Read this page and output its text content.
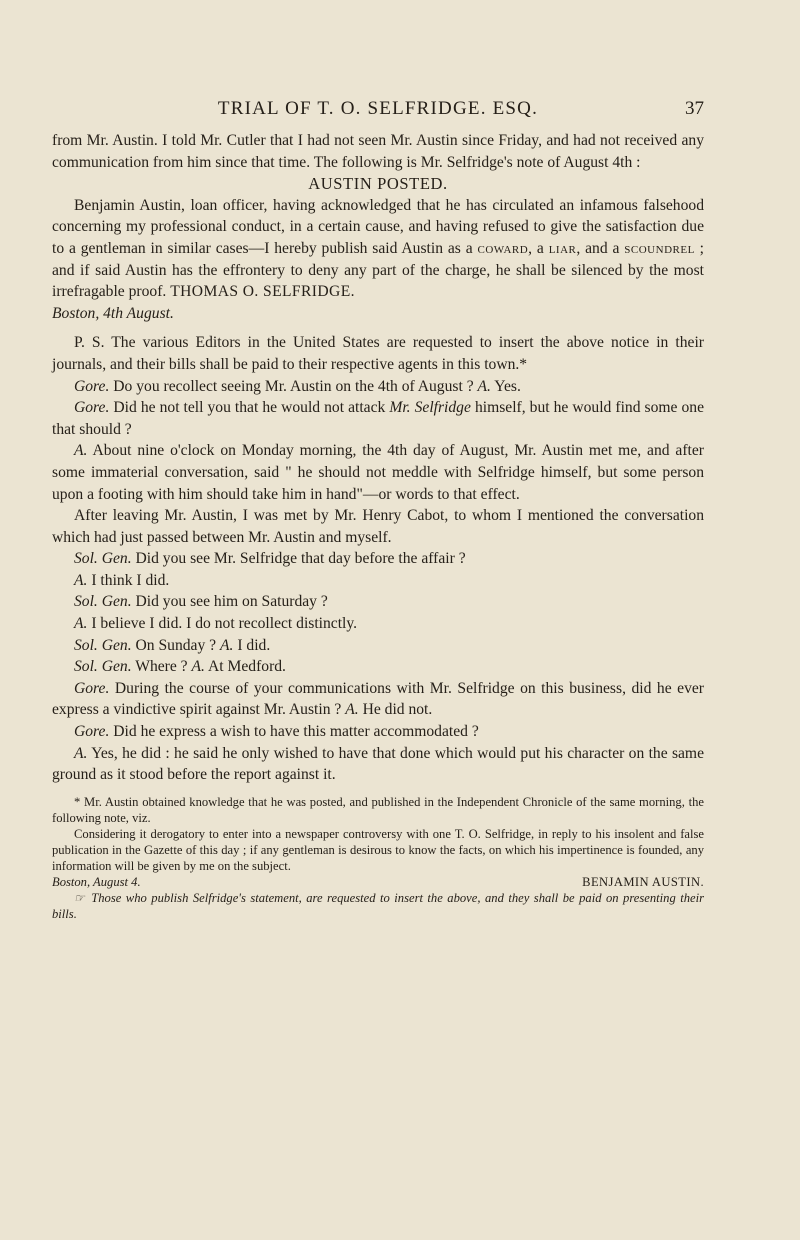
TRIAL OF T. O. SELFRIDGE. ESQ.	37

from Mr. Austin. I told Mr. Cutler that I had not seen Mr. Austin since Friday, and had not received any communication from him since that time. The following is Mr. Selfridge's note of August 4th :

AUSTIN POSTED.

Benjamin Austin, loan officer, having acknowledged that he has circulated an infamous falsehood concerning my professional conduct, in a certain cause, and having refused to give the satisfaction due to a gentleman in similar cases—I hereby publish said Austin as a coward, a liar, and a scoundrel ; and if said Austin has the effrontery to deny any part of the charge, he shall be silenced by the most irrefragable proof. THOMAS O. SELFRIDGE.

Boston, 4th August.

P. S. The various Editors in the United States are requested to insert the above notice in their journals, and their bills shall be paid to their respective agents in this town.*

Gore. Do you recollect seeing Mr. Austin on the 4th of August ? A. Yes.

Gore. Did he not tell you that he would not attack Mr. Selfridge himself, but he would find some one that should ?

A. About nine o'clock on Monday morning, the 4th day of August, Mr. Austin met me, and after some immaterial conversation, said " he should not meddle with Selfridge himself, but some person upon a footing with him should take him in hand"—or words to that effect.

After leaving Mr. Austin, I was met by Mr. Henry Cabot, to whom I mentioned the conversation which had just passed between Mr. Austin and myself.

Sol. Gen. Did you see Mr. Selfridge that day before the affair ?

A. I think I did.

Sol. Gen. Did you see him on Saturday ?

A. I believe I did. I do not recollect distinctly.

Sol. Gen. On Sunday ? A. I did.

Sol. Gen. Where ? A. At Medford.

Gore. During the course of your communications with Mr. Selfridge on this business, did he ever express a vindictive spirit against Mr. Austin ? A. He did not.

Gore. Did he express a wish to have this matter accommodated ?

A. Yes, he did : he said he only wished to have that done which would put his character on the same ground as it stood before the report against it.

* Mr. Austin obtained knowledge that he was posted, and published in the Independent Chronicle of the same morning, the following note, viz.

Considering it derogatory to enter into a newspaper controversy with one T. O. Selfridge, in reply to his insolent and false publication in the Gazette of this day ; if any gentleman is desirous to know the facts, on which his impertinence is founded, any information will be given by me on the subject.

Boston, August 4.	BENJAMIN AUSTIN.

☞ Those who publish Selfridge's statement, are requested to insert the above, and they shall be paid on presenting their bills.
